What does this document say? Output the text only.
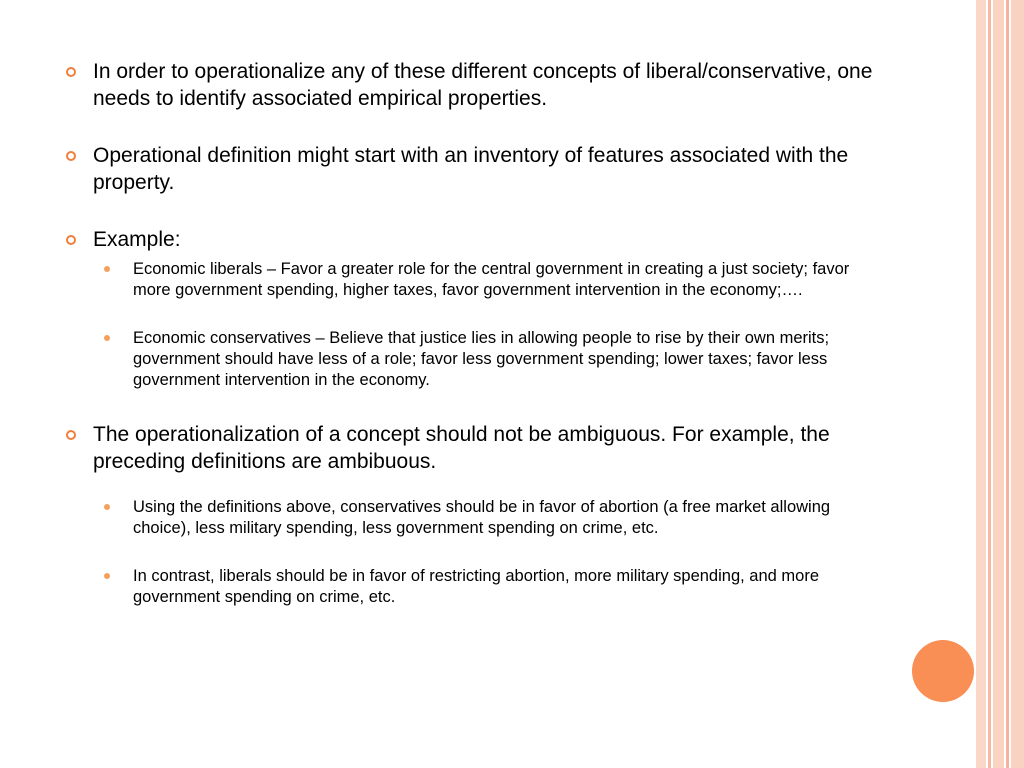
In order to operationalize any of these different concepts of liberal/conservative, one needs to identify associated empirical properties.
Operational definition might start with an inventory of features associated with the property.
Example:
Economic liberals – Favor a greater role for the central government in creating a just society; favor more government spending, higher taxes, favor government intervention in the economy;….
Economic conservatives – Believe that justice lies in allowing people to rise by their own merits; government should have less of a role; favor less government spending; lower taxes; favor less government intervention in the economy.
The operationalization of a concept should not be ambiguous. For example, the preceding definitions are ambibuous.
Using the definitions above, conservatives should be in favor of abortion (a free market allowing choice), less military spending, less government spending on crime, etc.
In contrast, liberals should be in favor of restricting abortion, more military spending, and more government spending on crime, etc.
